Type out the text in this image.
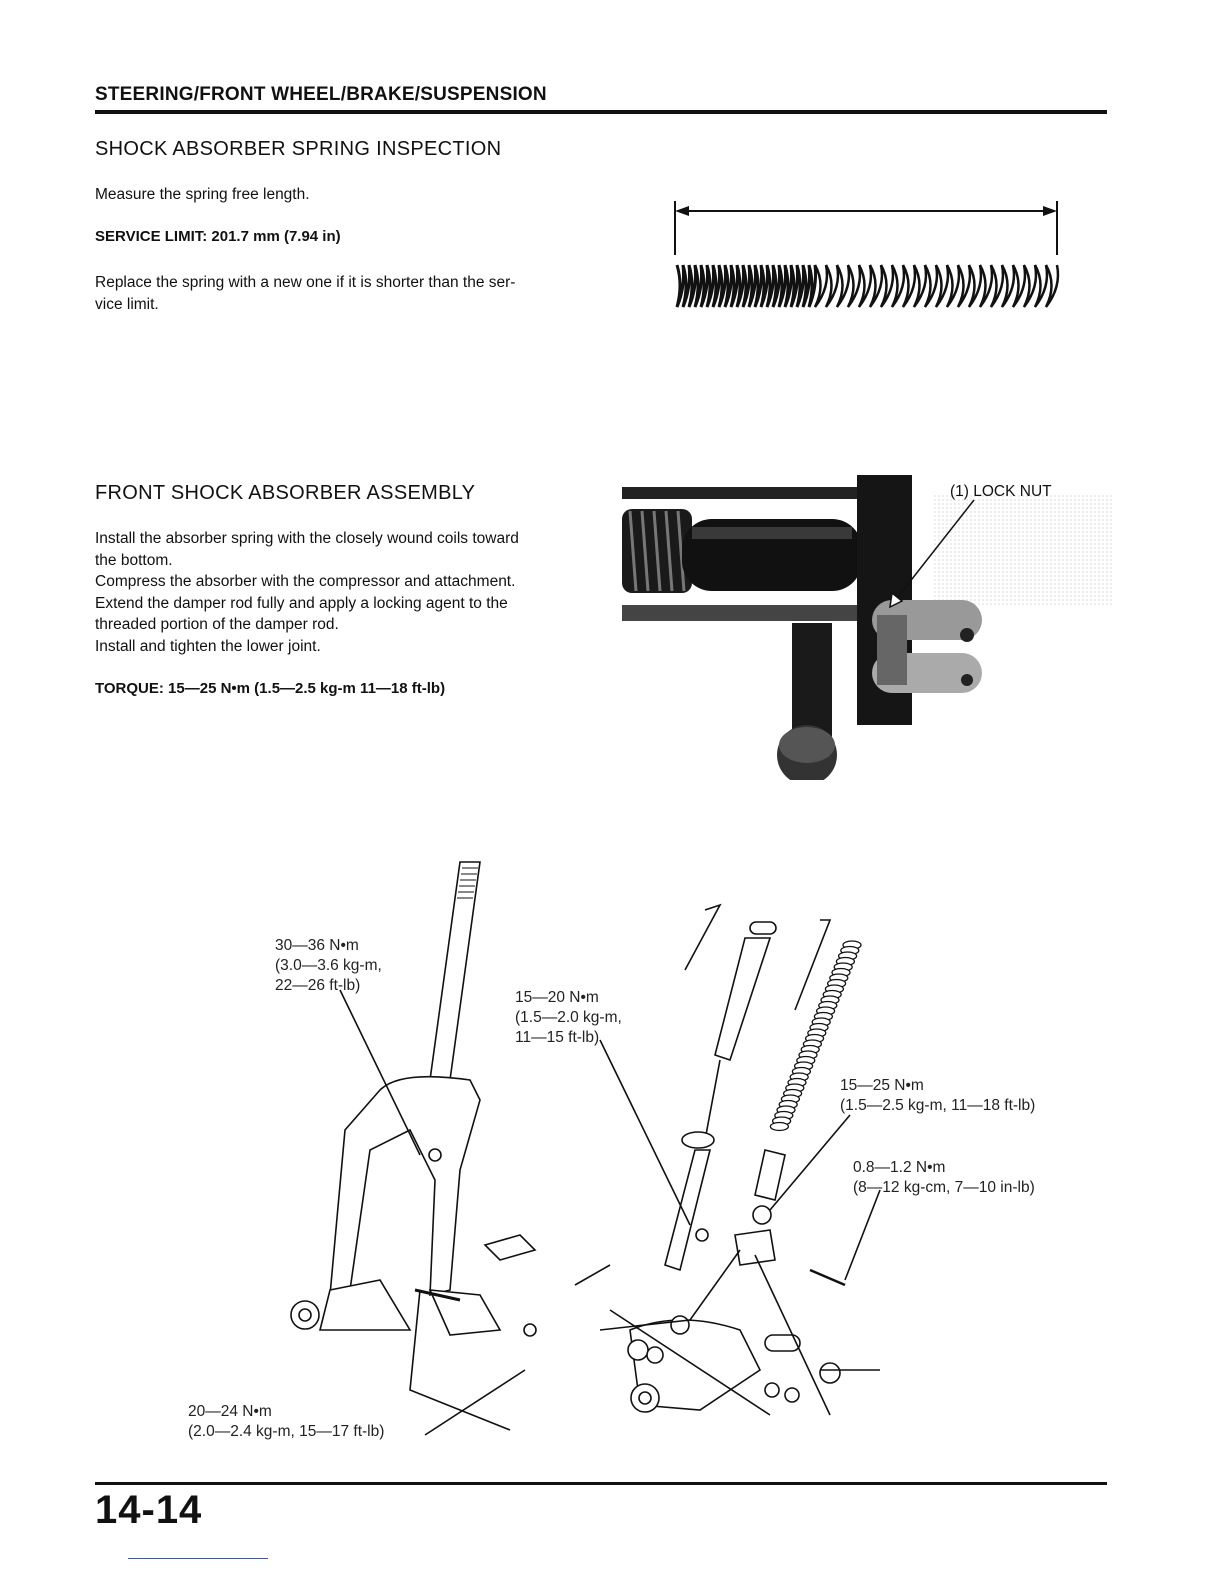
STEERING/FRONT WHEEL/BRAKE/SUSPENSION
SHOCK ABSORBER SPRING INSPECTION
Measure the spring free length.
SERVICE LIMIT: 201.7 mm (7.94 in)
Replace the spring with a new one if it is shorter than the ser-
vice limit.
FRONT SHOCK ABSORBER ASSEMBLY
Install the absorber spring with the closely wound coils toward
the bottom.
Compress the absorber with the compressor and attachment.
Extend the damper rod fully and apply a locking agent to the
threaded portion of the damper rod.
Install and tighten the lower joint.
TORQUE: 15—25 N•m (1.5—2.5 kg-m 11—18 ft-lb)
(1) LOCK NUT
30—36 N•m
(3.0—3.6 kg-m,
22—26 ft-lb)
15—20 N•m
(1.5—2.0 kg-m,
11—15 ft-lb)
15—25 N•m
(1.5—2.5 kg-m, 11—18 ft-lb)
0.8—1.2 N•m
(8—12 kg-cm, 7—10 in-lb)
20—24 N•m
(2.0—2.4 kg-m, 15—17 ft-lb)
14-14
